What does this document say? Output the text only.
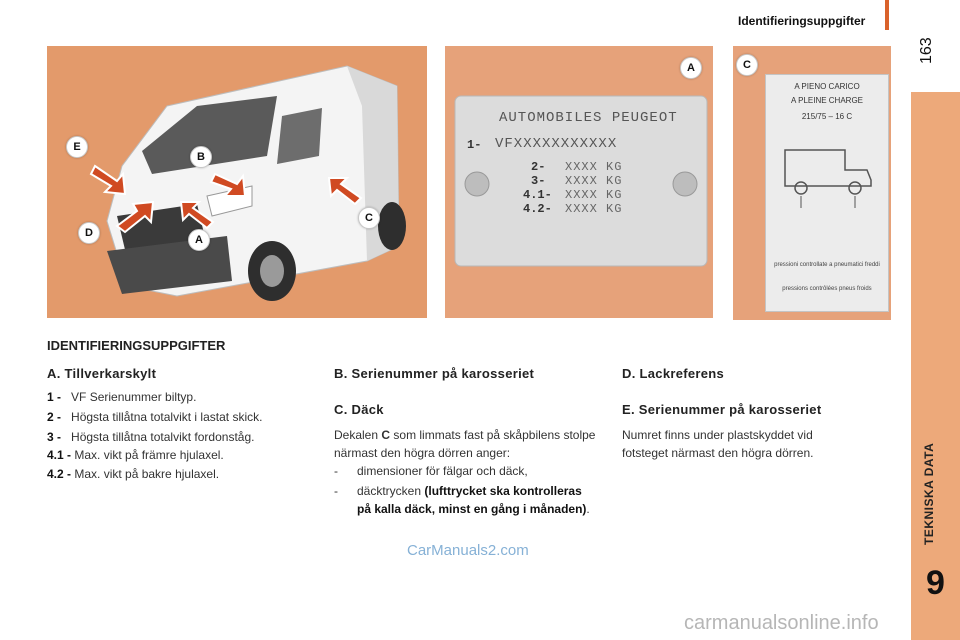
Identifieringsuppgifter
163
TEKNISKA DATA
9
E
B
D
A
C
AUTOMOBILES PEUGEOT
1- VFXXXXXXXXXXX
2- XXXX KG
3- XXXX KG
4.1- XXXX KG
4.2- XXXX KG
A
A PIENO CARICO
A PLEINE CHARGE
215/75 – 16 C
pressioni controllate a pneumatici freddi
pressions contrôlées pneus froids
C
IDENTIFIERINGSUPPGIFTER
A. Tillverkarskylt
1 - VF Serienummer biltyp.
2 - Högsta tillåtna totalvikt i lastat skick.
3 - Högsta tillåtna totalvikt fordonståg.
4.1 - Max. vikt på främre hjulaxel.
4.2 - Max. vikt på bakre hjulaxel.
B. Serienummer på karosseriet
C. Däck
Dekalen C som limmats fast på skåpbilens stolpe närmast den högra dörren anger:
- dimensioner för fälgar och däck,
- däcktrycken (lufttrycket ska kontrolleras på kalla däck, minst en gång i månaden).
D. Lackreferens
E. Serienummer på karosseriet
Numret finns under plastskyddet vid fotsteget närmast den högra dörren.
CarManuals2.com
carmanualsonline.info
